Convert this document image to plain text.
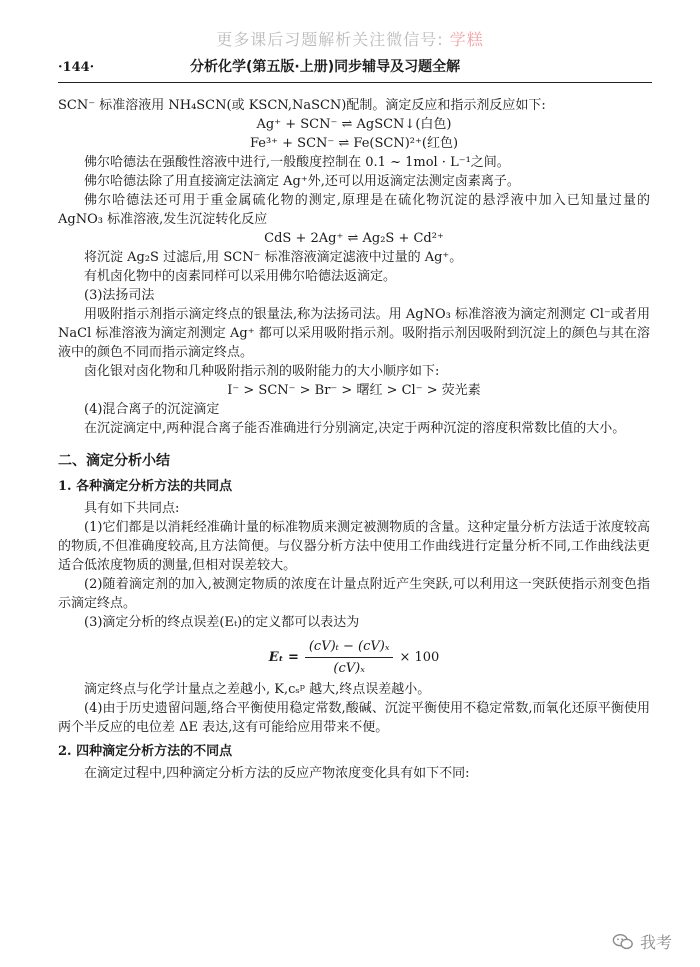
更多课后习题解析关注微信号: 学糕
·144·	分析化学(第五版·上册)同步辅导及习题全解

SCN⁻ 标准溶液用 NH₄SCN(或 KSCN,NaSCN)配制。滴定反应和指示剂反应如下:

Ag⁺ + SCN⁻ ⇌ AgSCN↓(白色)

Fe³⁺ + SCN⁻ ⇌ Fe(SCN)²⁺(红色)

佛尔哈德法在强酸性溶液中进行,一般酸度控制在 0.1 ~ 1mol · L⁻¹之间。

佛尔哈德法除了用直接滴定法滴定 Ag⁺外,还可以用返滴定法测定卤素离子。

佛尔哈德法还可用于重金属硫化物的测定,原理是在硫化物沉淀的悬浮液中加入已知量过量的 AgNO₃ 标准溶液,发生沉淀转化反应

CdS + 2Ag⁺ ⇌ Ag₂S + Cd²⁺

将沉淀 Ag₂S 过滤后,用 SCN⁻ 标准溶液滴定滤液中过量的 Ag⁺。

有机卤化物中的卤素同样可以采用佛尔哈德法返滴定。

(3)法扬司法

用吸附指示剂指示滴定终点的银量法,称为法扬司法。用 AgNO₃ 标准溶液为滴定剂测定 Cl⁻或者用 NaCl 标准溶液为滴定剂测定 Ag⁺ 都可以采用吸附指示剂。吸附指示剂因吸附到沉淀上的颜色与其在溶液中的颜色不同而指示滴定终点。

卤化银对卤化物和几种吸附指示剂的吸附能力的大小顺序如下:

I⁻ > SCN⁻ > Br⁻ > 曙红 > Cl⁻ > 荧光素

(4)混合离子的沉淀滴定

在沉淀滴定中,两种混合离子能否准确进行分别滴定,决定于两种沉淀的溶度积常数比值的大小。

二、滴定分析小结

1. 各种滴定分析方法的共同点

具有如下共同点:

(1)它们都是以消耗经准确计量的标准物质来测定被测物质的含量。这种定量分析方法适于浓度较高的物质,不但准确度较高,且方法简便。与仪器分析方法中使用工作曲线进行定量分析不同,工作曲线法更适合低浓度物质的测量,但相对误差较大。

(2)随着滴定剂的加入,被测定物质的浓度在计量点附近产生突跃,可以利用这一突跃使指示剂变色指示滴定终点。

(3)滴定分析的终点误差(Eₜ)的定义都可以表达为

$E_t = \frac{\text{(cV)ₜ − (cV)ₓ}}{\text{(cV)ₓ}} \times 100$

滴定终点与化学计量点之差越小, K,cₛᵖ 越大,终点误差越小。

(4)由于历史遗留问题,络合平衡使用稳定常数,酸碱、沉淀平衡使用不稳定常数,而氧化还原平衡使用两个半反应的电位差 ΔE 表达,这有可能给应用带来不便。

2. 四种滴定分析方法的不同点

在滴定过程中,四种滴定分析方法的反应产物浓度变化具有如下不同:

我考
